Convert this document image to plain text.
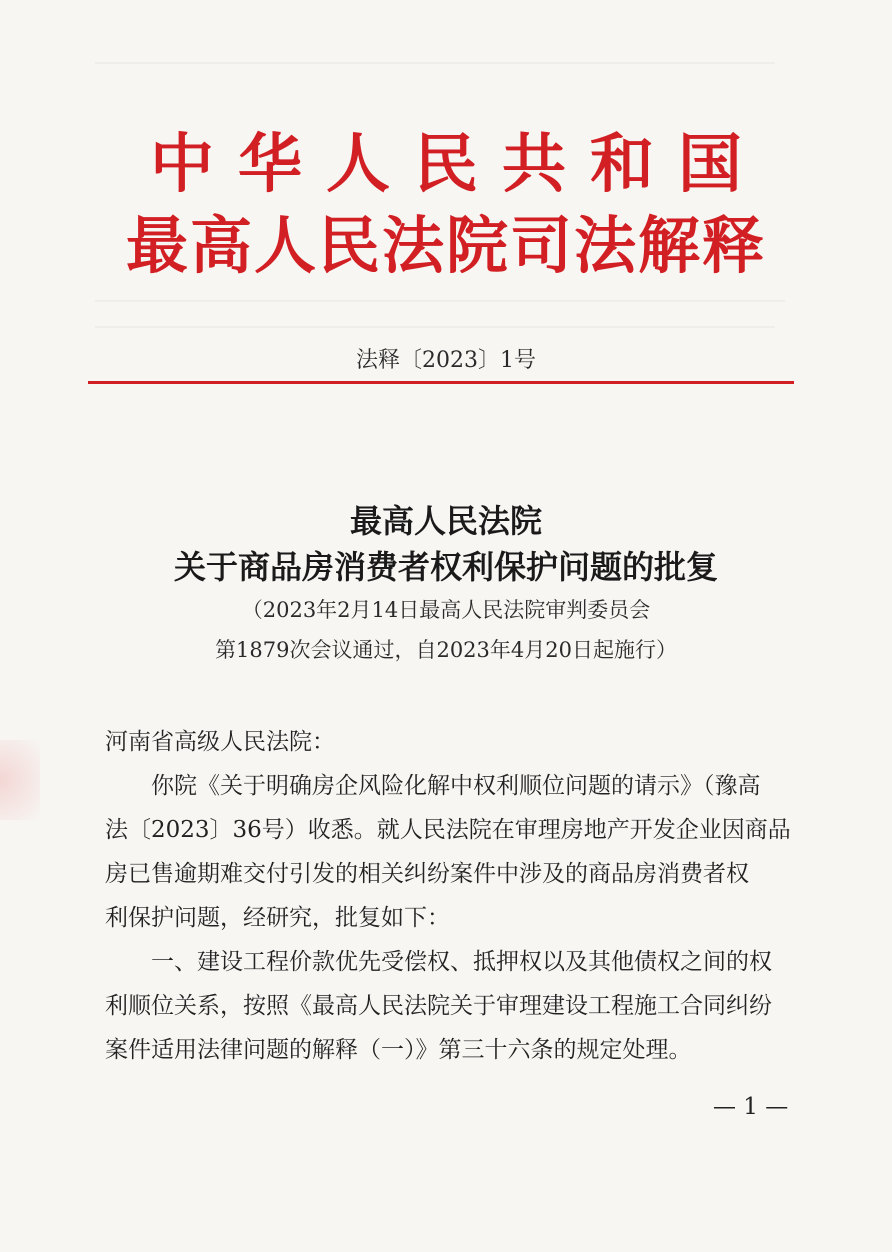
中华人民共和国
最高人民法院司法解释
法释〔2023〕1号
最高人民法院
关于商品房消费者权利保护问题的批复
（2023年2月14日最高人民法院审判委员会
第1879次会议通过，自2023年4月20日起施行）
河南省高级人民法院：
你院《关于明确房企风险化解中权利顺位问题的请示》（豫高
法〔2023〕36号）收悉。就人民法院在审理房地产开发企业因商品
房已售逾期难交付引发的相关纠纷案件中涉及的商品房消费者权
利保护问题，经研究，批复如下：
一、建设工程价款优先受偿权、抵押权以及其他债权之间的权
利顺位关系，按照《最高人民法院关于审理建设工程施工合同纠纷
案件适用法律问题的解释（一）》第三十六条的规定处理。
— 1 —
